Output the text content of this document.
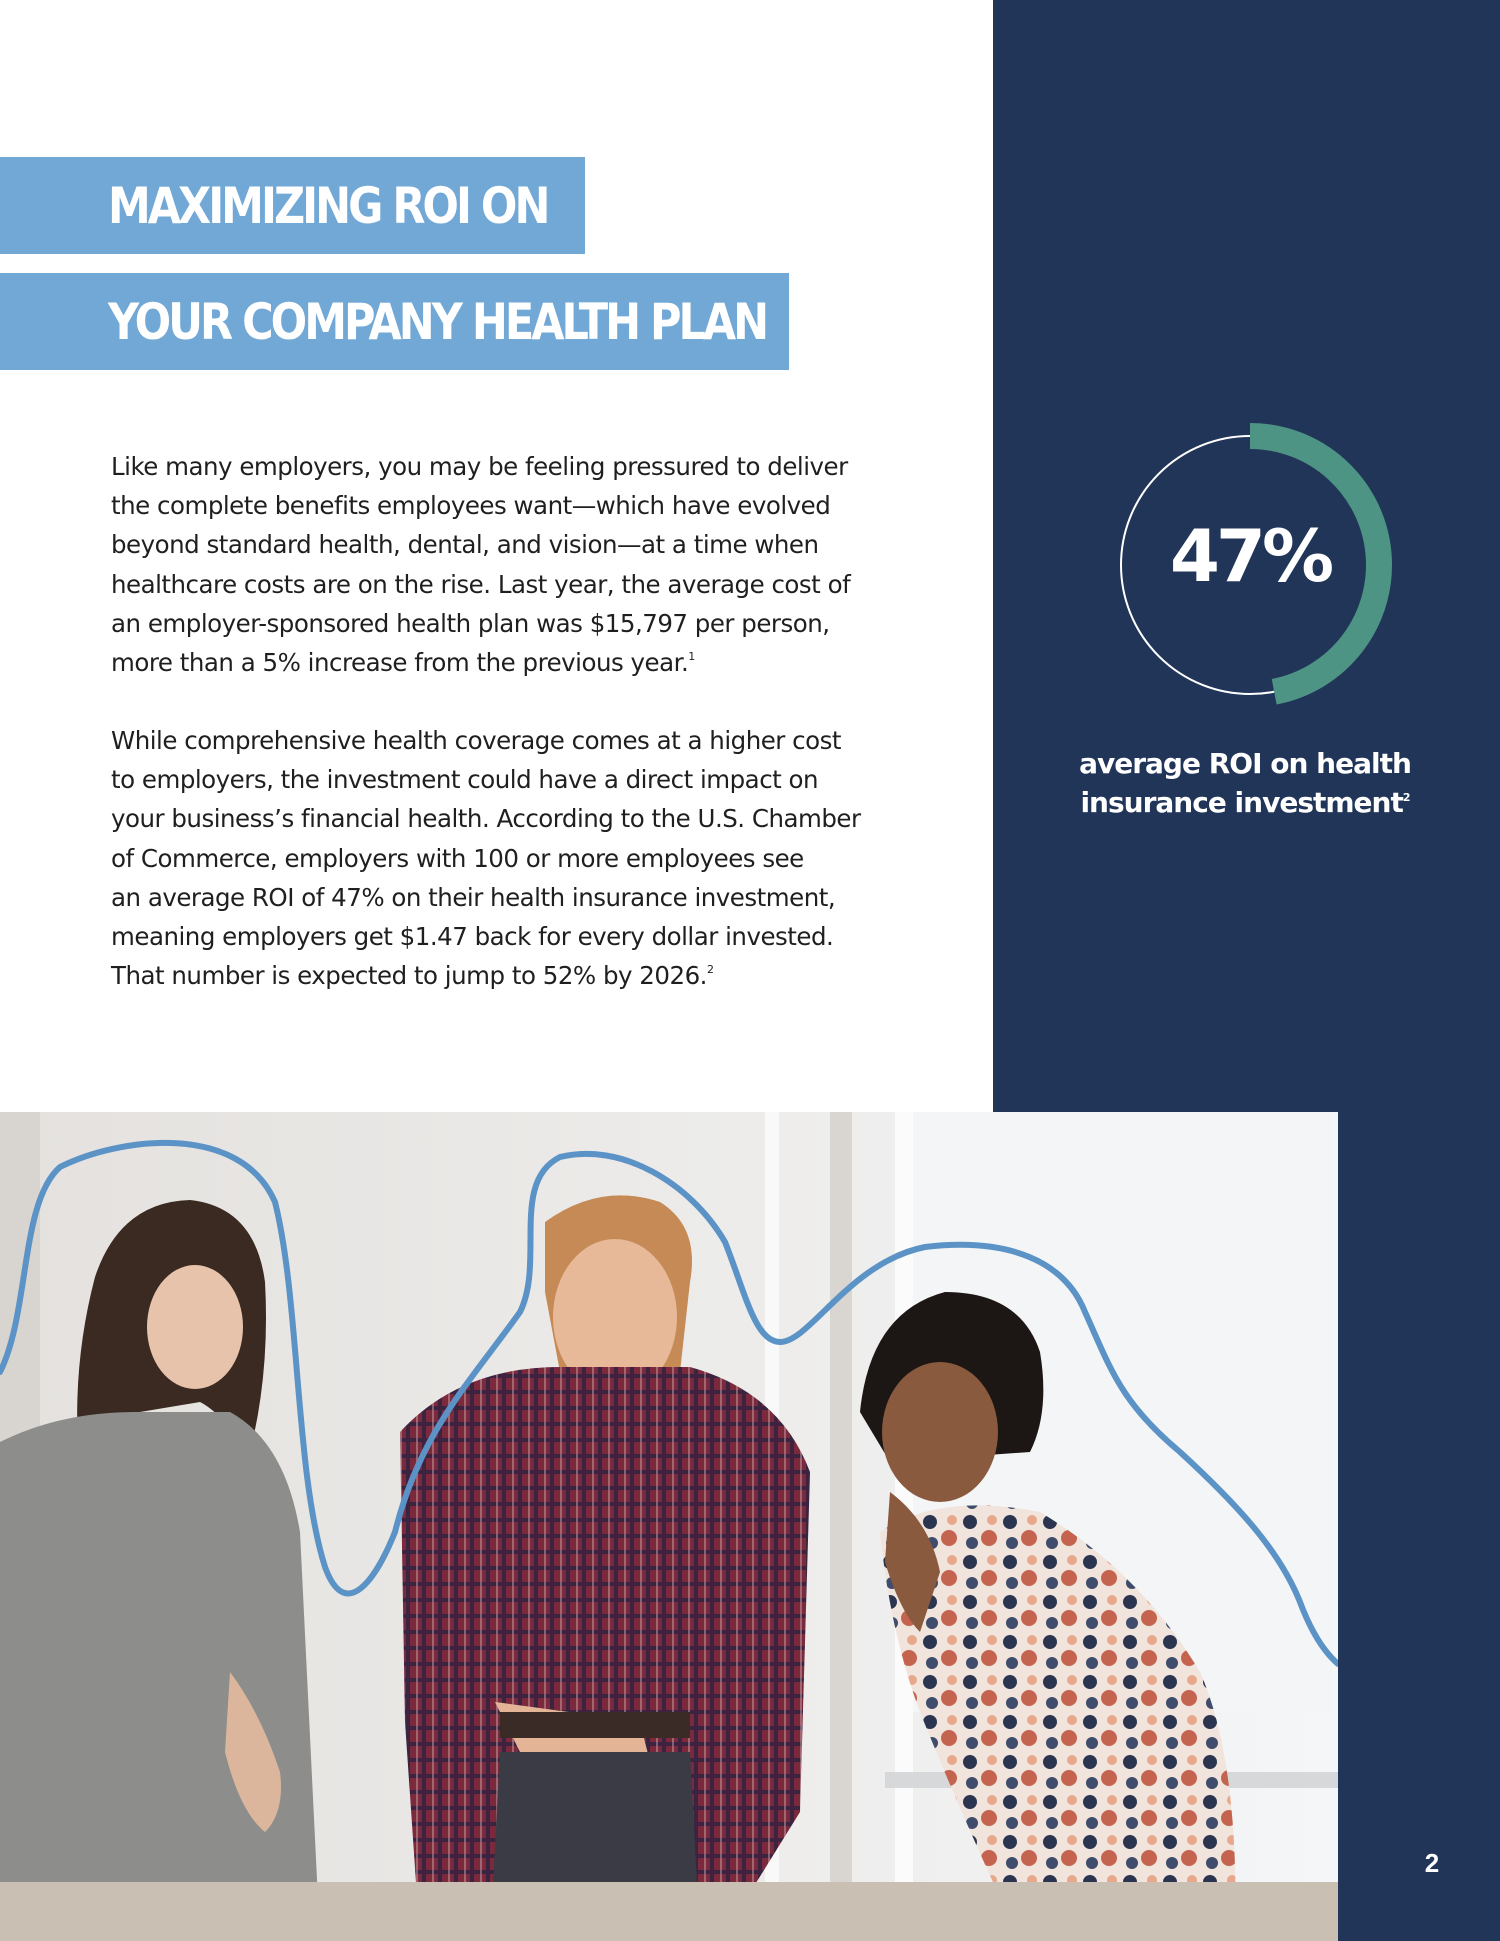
MAXIMIZING ROI ON
YOUR COMPANY HEALTH PLAN
Like many employers, you may be feeling pressured to deliver
the complete benefits employees want—which have evolved
beyond standard health, dental, and vision—at a time when
healthcare costs are on the rise. Last year, the average cost of
an employer-sponsored health plan was $15,797 per person,
more than a 5% increase from the previous year.$^1$
While comprehensive health coverage comes at a higher cost
to employers, the investment could have a direct impact on
your business’s financial health. According to the U.S. Chamber
of Commerce, employers with 100 or more employees see
an average ROI of 47% on their health insurance investment,
meaning employers get $1.47 back for every dollar invested.
That number is expected to jump to 52% by 2026.$^2$
47%
average ROI on health
insurance investment$^2$
2
